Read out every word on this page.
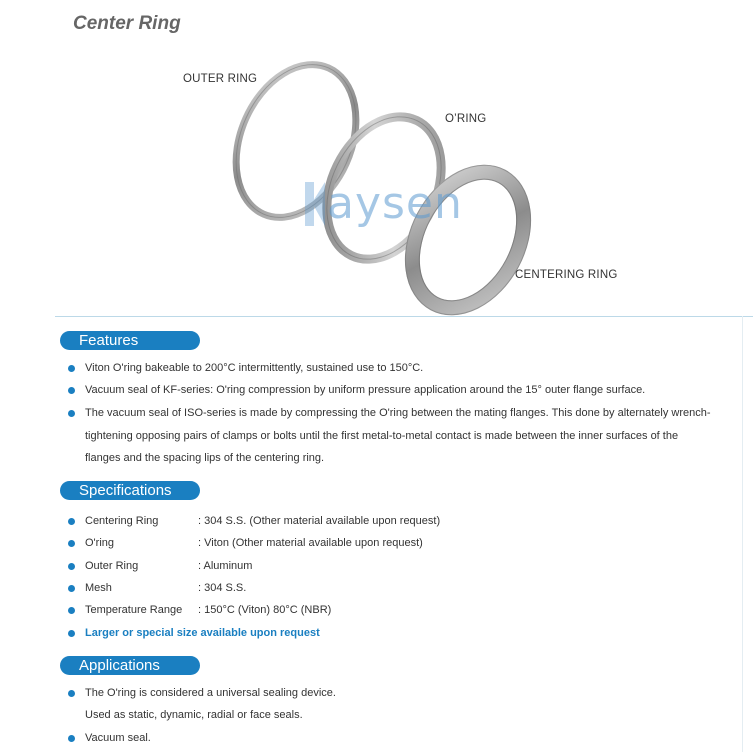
Center Ring
OUTER RING
O’RING
CENTERING RING
aysen
Features
Viton O'ring bakeable to 200°C intermittently, sustained use to 150°C.
Vacuum seal of KF-series: O'ring compression by uniform pressure application around the 15° outer flange surface.
The vacuum seal of ISO-series is made by compressing the O'ring between the mating flanges. This done by alternately wrench-
tightening opposing pairs of clamps or bolts until the first metal-to-metal contact is made between the inner surfaces of the
flanges and the spacing lips of the centering ring.
Specifications
Centering Ring	: 304 S.S. (Other material available upon request)
O'ring	: Viton (Other material available upon request)
Outer Ring	: Aluminum
Mesh	: 304 S.S.
Temperature Range : 150°C (Viton) 80°C (NBR)
Larger or special size available upon request
Applications
The O'ring is considered a universal sealing device.
Used as static, dynamic, radial or face seals.
Vacuum seal.
